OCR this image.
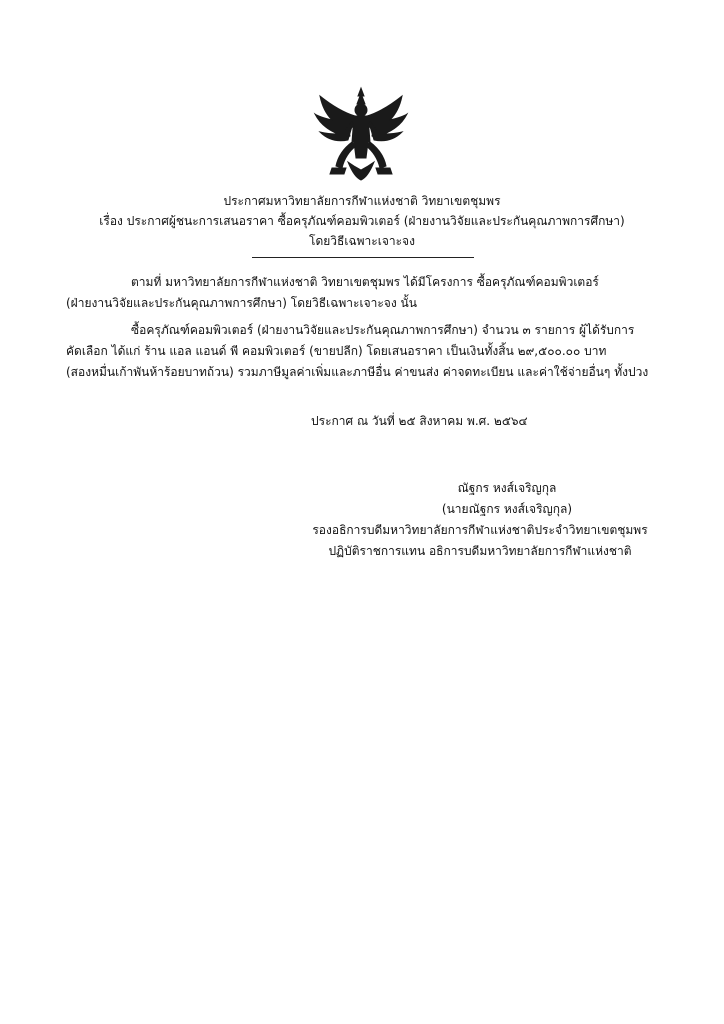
ประกาศมหาวิทยาลัยการกีฬาแห่งชาติ วิทยาเขตชุมพร
เรื่อง ประกาศผู้ชนะการเสนอราคา ซื้อครุภัณฑ์คอมพิวเตอร์ (ฝ่ายงานวิจัยและประกันคุณภาพการศึกษา)
โดยวิธีเฉพาะเจาะจง
ตามที่ มหาวิทยาลัยการกีฬาแห่งชาติ วิทยาเขตชุมพร ได้มีโครงการ ซื้อครุภัณฑ์คอมพิวเตอร์
(ฝ่ายงานวิจัยและประกันคุณภาพการศึกษา) โดยวิธีเฉพาะเจาะจง นั้น
ซื้อครุภัณฑ์คอมพิวเตอร์ (ฝ่ายงานวิจัยและประกันคุณภาพการศึกษา) จำนวน ๓ รายการ ผู้ได้รับการ
คัดเลือก ได้แก่ ร้าน แอล แอนด์ พี คอมพิวเตอร์ (ขายปลีก) โดยเสนอราคา เป็นเงินทั้งสิ้น ๒๙,๕๐๐.๐๐ บาท
(สองหมื่นเก้าพันห้าร้อยบาทถ้วน) รวมภาษีมูลค่าเพิ่มและภาษีอื่น ค่าขนส่ง ค่าจดทะเบียน และค่าใช้จ่ายอื่นๆ ทั้งปวง
ประกาศ ณ วันที่ ๒๕ สิงหาคม พ.ศ. ๒๕๖๔
ณัฐกร หงส์เจริญกุล
(นายณัฐกร หงส์เจริญกุล)
รองอธิการบดีมหาวิทยาลัยการกีฬาแห่งชาติประจำวิทยาเขตชุมพร
ปฏิบัติราชการแทน อธิการบดีมหาวิทยาลัยการกีฬาแห่งชาติ
